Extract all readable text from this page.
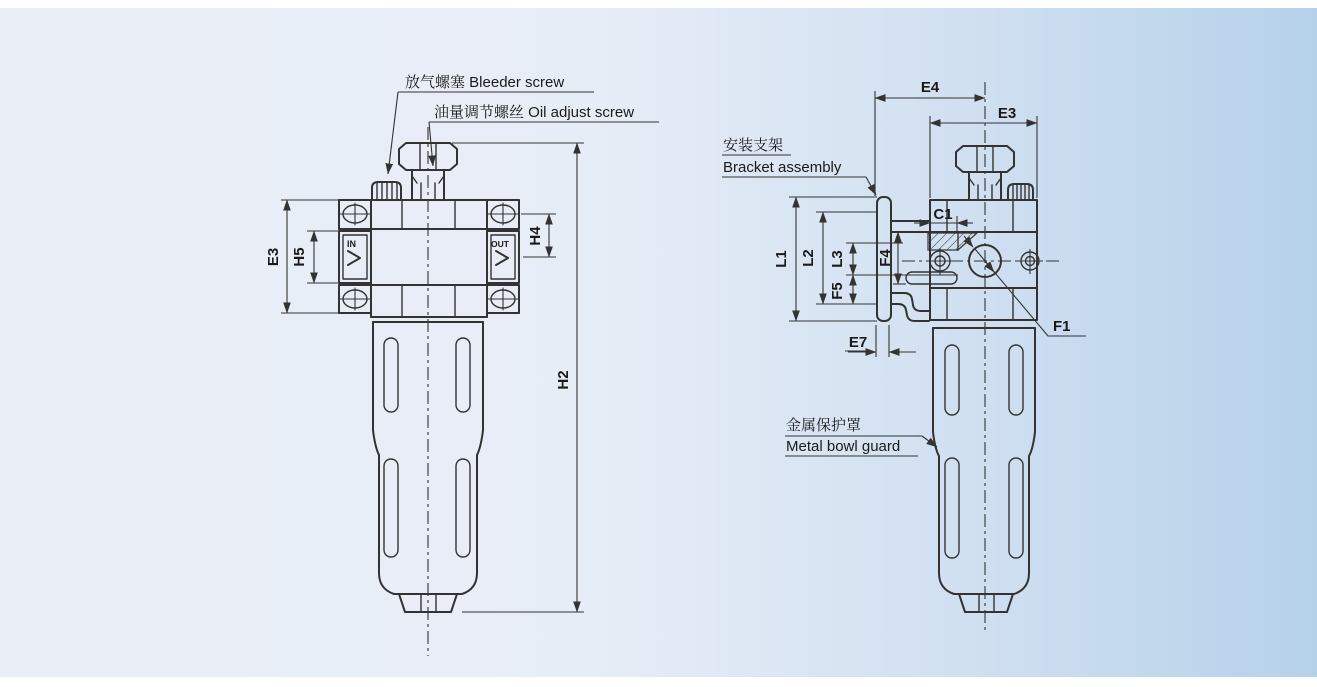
IN	OUT
E3 H5
H4
H2
放气螺塞 Bleeder screw
油量调节螺丝 Oil adjust screw
E4
E3
C1
L1 L2 L3
F5
F4
E7
F1
安装支架
Bracket assembly
金属保护罩
Metal bowl guard
